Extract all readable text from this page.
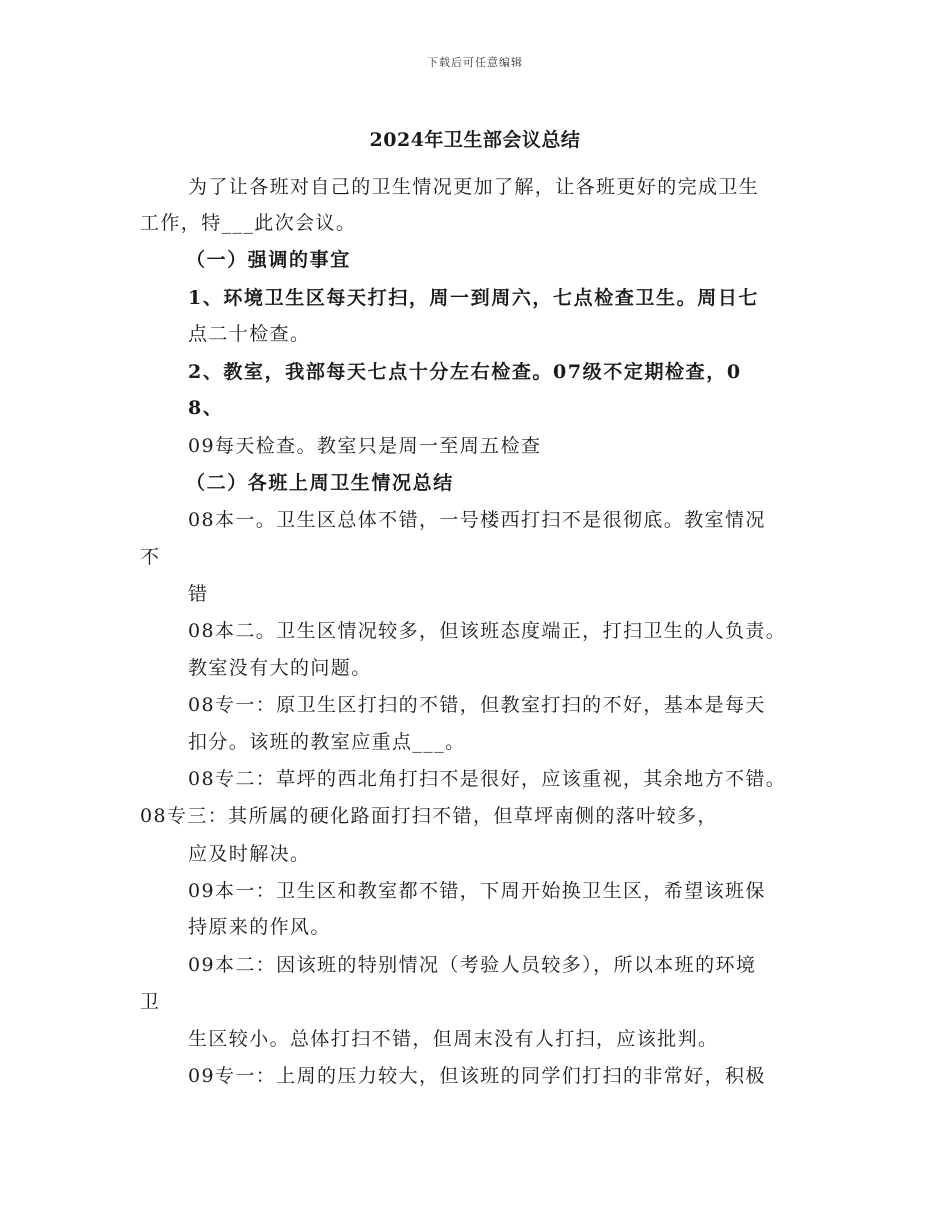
下载后可任意编辑
2024年卫生部会议总结
为了让各班对自己的卫生情况更加了解，让各班更好的完成卫生
工作，特___此次会议。
（一）强调的事宜
1、环境卫生区每天打扫，周一到周六，七点检查卫生。周日七
点二十检查。
2、教室，我部每天七点十分左右检查。07级不定期检查，0
8、
09每天检查。教室只是周一至周五检查
（二）各班上周卫生情况总结
08本一。卫生区总体不错，一号楼西打扫不是很彻底。教室情况
不
错
08本二。卫生区情况较多，但该班态度端正，打扫卫生的人负责。
教室没有大的问题。
08专一：原卫生区打扫的不错，但教室打扫的不好，基本是每天
扣分。该班的教室应重点___。
08专二：草坪的西北角打扫不是很好，应该重视，其余地方不错。
08专三：其所属的硬化路面打扫不错，但草坪南侧的落叶较多，
应及时解决。
09本一：卫生区和教室都不错，下周开始换卫生区，希望该班保
持原来的作风。
09本二：因该班的特别情况（考验人员较多），所以本班的环境
卫
生区较小。总体打扫不错，但周末没有人打扫，应该批判。
09专一：上周的压力较大，但该班的同学们打扫的非常好，积极
